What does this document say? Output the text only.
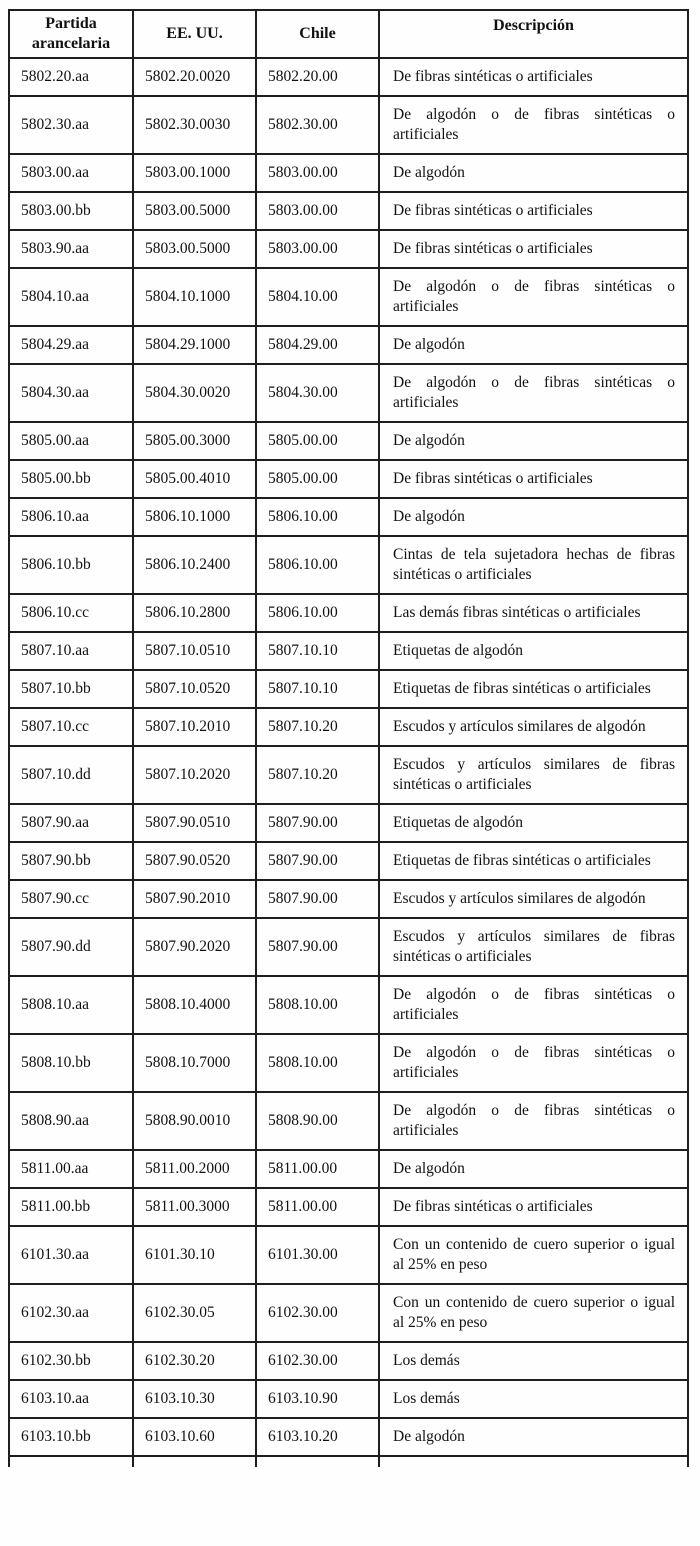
Partida arancelaria	EE. UU.	Chile	Descripción
5802.20.aa	5802.20.0020	5802.20.00	De fibras sintéticas o artificiales
5802.30.aa	5802.30.0030	5802.30.00	De algodón o de fibras sintéticas o artificiales
5803.00.aa	5803.00.1000	5803.00.00	De algodón
5803.00.bb	5803.00.5000	5803.00.00	De fibras sintéticas o artificiales
5803.90.aa	5803.00.5000	5803.00.00	De fibras sintéticas o artificiales
5804.10.aa	5804.10.1000	5804.10.00	De algodón o de fibras sintéticas o artificiales
5804.29.aa	5804.29.1000	5804.29.00	De algodón
5804.30.aa	5804.30.0020	5804.30.00	De algodón o de fibras sintéticas o artificiales
5805.00.aa	5805.00.3000	5805.00.00	De algodón
5805.00.bb	5805.00.4010	5805.00.00	De fibras sintéticas o artificiales
5806.10.aa	5806.10.1000	5806.10.00	De algodón
5806.10.bb	5806.10.2400	5806.10.00	Cintas de tela sujetadora hechas de fibras sintéticas o artificiales
5806.10.cc	5806.10.2800	5806.10.00	Las demás fibras sintéticas o artificiales
5807.10.aa	5807.10.0510	5807.10.10	Etiquetas de algodón
5807.10.bb	5807.10.0520	5807.10.10	Etiquetas de fibras sintéticas o artificiales
5807.10.cc	5807.10.2010	5807.10.20	Escudos y artículos similares de algodón
5807.10.dd	5807.10.2020	5807.10.20	Escudos y artículos similares de fibras sintéticas o artificiales
5807.90.aa	5807.90.0510	5807.90.00	Etiquetas de algodón
5807.90.bb	5807.90.0520	5807.90.00	Etiquetas de fibras sintéticas o artificiales
5807.90.cc	5807.90.2010	5807.90.00	Escudos y artículos similares de algodón
5807.90.dd	5807.90.2020	5807.90.00	Escudos y artículos similares de fibras sintéticas o artificiales
5808.10.aa	5808.10.4000	5808.10.00	De algodón o de fibras sintéticas o artificiales
5808.10.bb	5808.10.7000	5808.10.00	De algodón o de fibras sintéticas o artificiales
5808.90.aa	5808.90.0010	5808.90.00	De algodón o de fibras sintéticas o artificiales
5811.00.aa	5811.00.2000	5811.00.00	De algodón
5811.00.bb	5811.00.3000	5811.00.00	De fibras sintéticas o artificiales
6101.30.aa	6101.30.10	6101.30.00	Con un contenido de cuero superior o igual al 25% en peso
6102.30.aa	6102.30.05	6102.30.00	Con un contenido de cuero superior o igual al 25% en peso
6102.30.bb	6102.30.20	6102.30.00	Los demás
6103.10.aa	6103.10.30	6103.10.90	Los demás
6103.10.bb	6103.10.60	6103.10.20	De algodón
